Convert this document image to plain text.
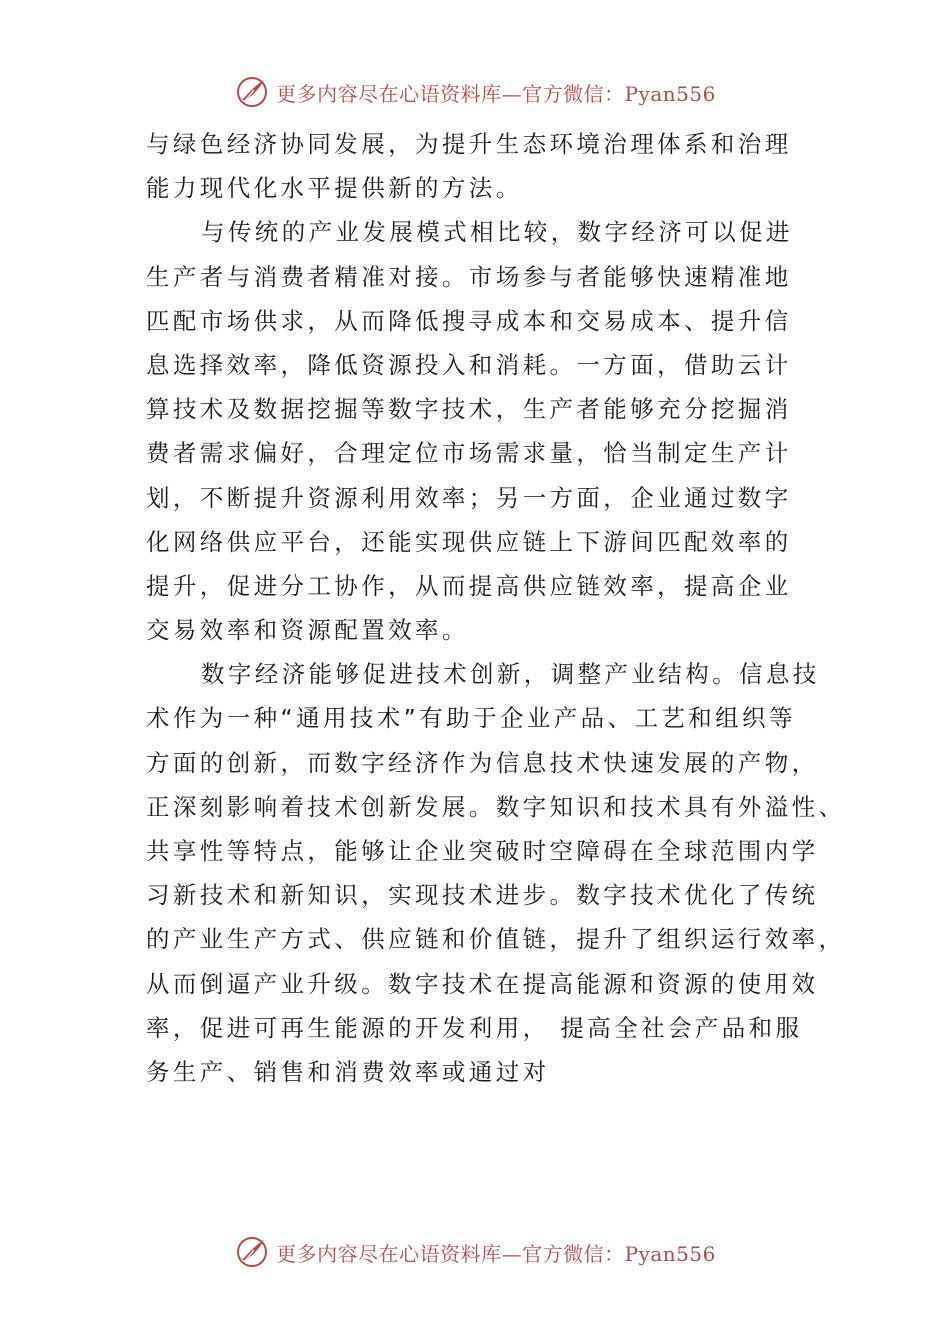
更多内容尽在心语资料库—官方微信：Pyan556
与绿色经济协同发展，为提升生态环境治理体系和治理
能力现代化水平提供新的方法。
与传统的产业发展模式相比较，数字经济可以促进
生产者与消费者精准对接。市场参与者能够快速精准地
匹配市场供求，从而降低搜寻成本和交易成本、提升信
息选择效率，降低资源投入和消耗。一方面，借助云计
算技术及数据挖掘等数字技术，生产者能够充分挖掘消
费者需求偏好，合理定位市场需求量，恰当制定生产计
划，不断提升资源利用效率；另一方面，企业通过数字
化网络供应平台，还能实现供应链上下游间匹配效率的
提升，促进分工协作，从而提高供应链效率，提高企业
交易效率和资源配置效率。
数字经济能够促进技术创新，调整产业结构。信息技
术作为一种“通用技术”有助于企业产品、工艺和组织等
方面的创新，而数字经济作为信息技术快速发展的产物，
正深刻影响着技术创新发展。数字知识和技术具有外溢性、
共享性等特点，能够让企业突破时空障碍在全球范围内学
习新技术和新知识，实现技术进步。数字技术优化了传统
的产业生产方式、供应链和价值链，提升了组织运行效率，
从而倒逼产业升级。数字技术在提高能源和资源的使用效
率，促进可再生能源的开发利用， 提高全社会产品和服
务生产、销售和消费效率或通过对
更多内容尽在心语资料库—官方微信：Pyan556
